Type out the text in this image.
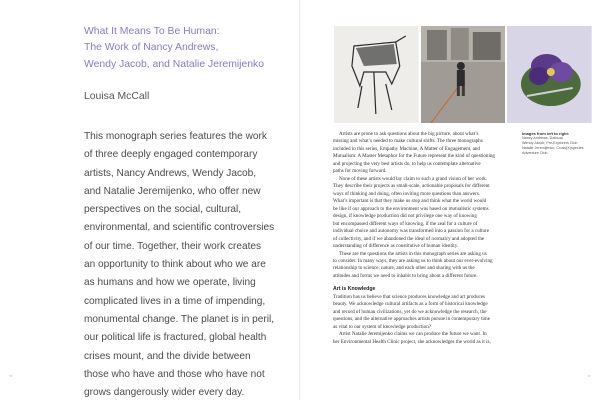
What It Means To Be Human:
The Work of Nancy Andrews,
Wendy Jacob, and Natalie Jeremijenko
Louisa McCall
This monograph series features the work
of three deeply engaged contemporary
artists, Nancy Andrews, Wendy Jacob,
and Natalie Jeremijenko, who offer new
perspectives on the social, cultural,
environmental, and scientific controversies
of our time. Together, their work creates
an opportunity to think about who we are
as humans and how we operate, living
complicated lives in a time of impending,
monumental change. The planet is in peril,
our political life is fractured, global health
crises mount, and the divide between
those who have and those who have not
grows dangerously wider every day.
x
Artists are prone to ask questions about the big picture, about what’s
missing and what’s needed to make cultural shifts. The three monographs
included in this series, Empathy Machine, A Matter of Engagement, and
Mutualism: A Master Metaphor for the Future represent the kind of questioning
and projecting the very best artists do, to help us contemplate alternative
paths for moving forward.
None of these artists would lay claim to such a grand vision of her work.
They describe their projects as small-scale, actionable proposals for different
ways of thinking and doing, often inviting more questions than answers.
What’s important is that they make us stop and think what the world would
be like if our approach to the environment was based on mutualistic systems
design, if knowledge production did not privilege one way of knowing
but encompassed different ways of knowing, if the zeal for a culture of
individual choice and autonomy was transformed into a passion for a culture
of collectivity, and if we abandoned the ideal of normalcy and adopted the
understanding of difference as constitutive of human identity.
These are the questions the artists in this monograph series are asking us
to consider. In many ways, they are asking us to think about our ever-evolving
relationship to science, nature, and each other and sharing with us the
attitudes and forms we need to inhabit to bring about a different future.
Art is Knowledge
Tradition has us believe that science produces knowledge and art produces
beauty. We acknowledge cultural artifacts as a form of historical knowledge
and record of human civilizations, yet do we acknowledge the research, the
questions, and the alternative approaches artists pursue in contemporary time
as vital to our system of knowledge production?
Artist Natalie Jeremijenko claims we can produce the future we want. In
her Environmental Health Clinic project, she acknowledges the world as it is,
Images from left to right:
Nancy Andrews, Dallocai
Wendy Jacob, Pre-Explorers Club
Natalie Jeremijenko, Cross(X)species
Adventure Club
x
